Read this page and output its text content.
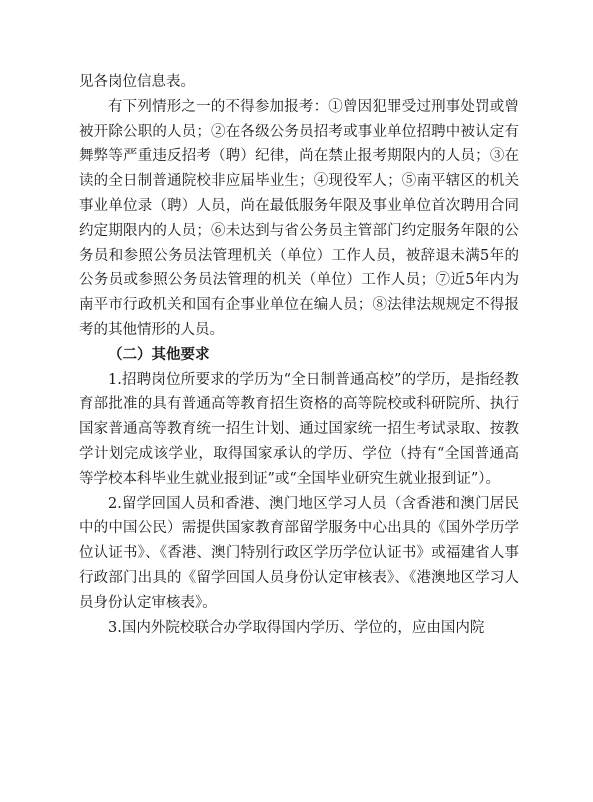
见各岗位信息表。

有下列情形之一的不得参加报考：①曾因犯罪受过刑事处罚或曾被开除公职的人员；②在各级公务员招考或事业单位招聘中被认定有舞弊等严重违反招考（聘）纪律，尚在禁止报考期限内的人员；③在读的全日制普通院校非应届毕业生；④现役军人；⑤南平辖区的机关事业单位录（聘）人员，尚在最低服务年限及事业单位首次聘用合同约定期限内的人员；⑥未达到与省公务员主管部门约定服务年限的公务员和参照公务员法管理机关（单位）工作人员，被辞退未满5年的公务员或参照公务员法管理的机关（单位）工作人员；⑦近5年内为南平市行政机关和国有企事业单位在编人员；⑧法律法规规定不得报考的其他情形的人员。

（二）其他要求

1.招聘岗位所要求的学历为“全日制普通高校”的学历，是指经教育部批准的具有普通高等教育招生资格的高等院校或科研院所、执行国家普通高等教育统一招生计划、通过国家统一招生考试录取、按教学计划完成该学业，取得国家承认的学历、学位（持有“全国普通高等学校本科毕业生就业报到证”或“全国毕业研究生就业报到证”）。

2.留学回国人员和香港、澳门地区学习人员（含香港和澳门居民中的中国公民）需提供国家教育部留学服务中心出具的《国外学历学位认证书》、《香港、澳门特别行政区学历学位认证书》或福建省人事行政部门出具的《留学回国人员身份认定审核表》、《港澳地区学习人员身份认定审核表》。

3.国内外院校联合办学取得国内学历、学位的，应由国内院
